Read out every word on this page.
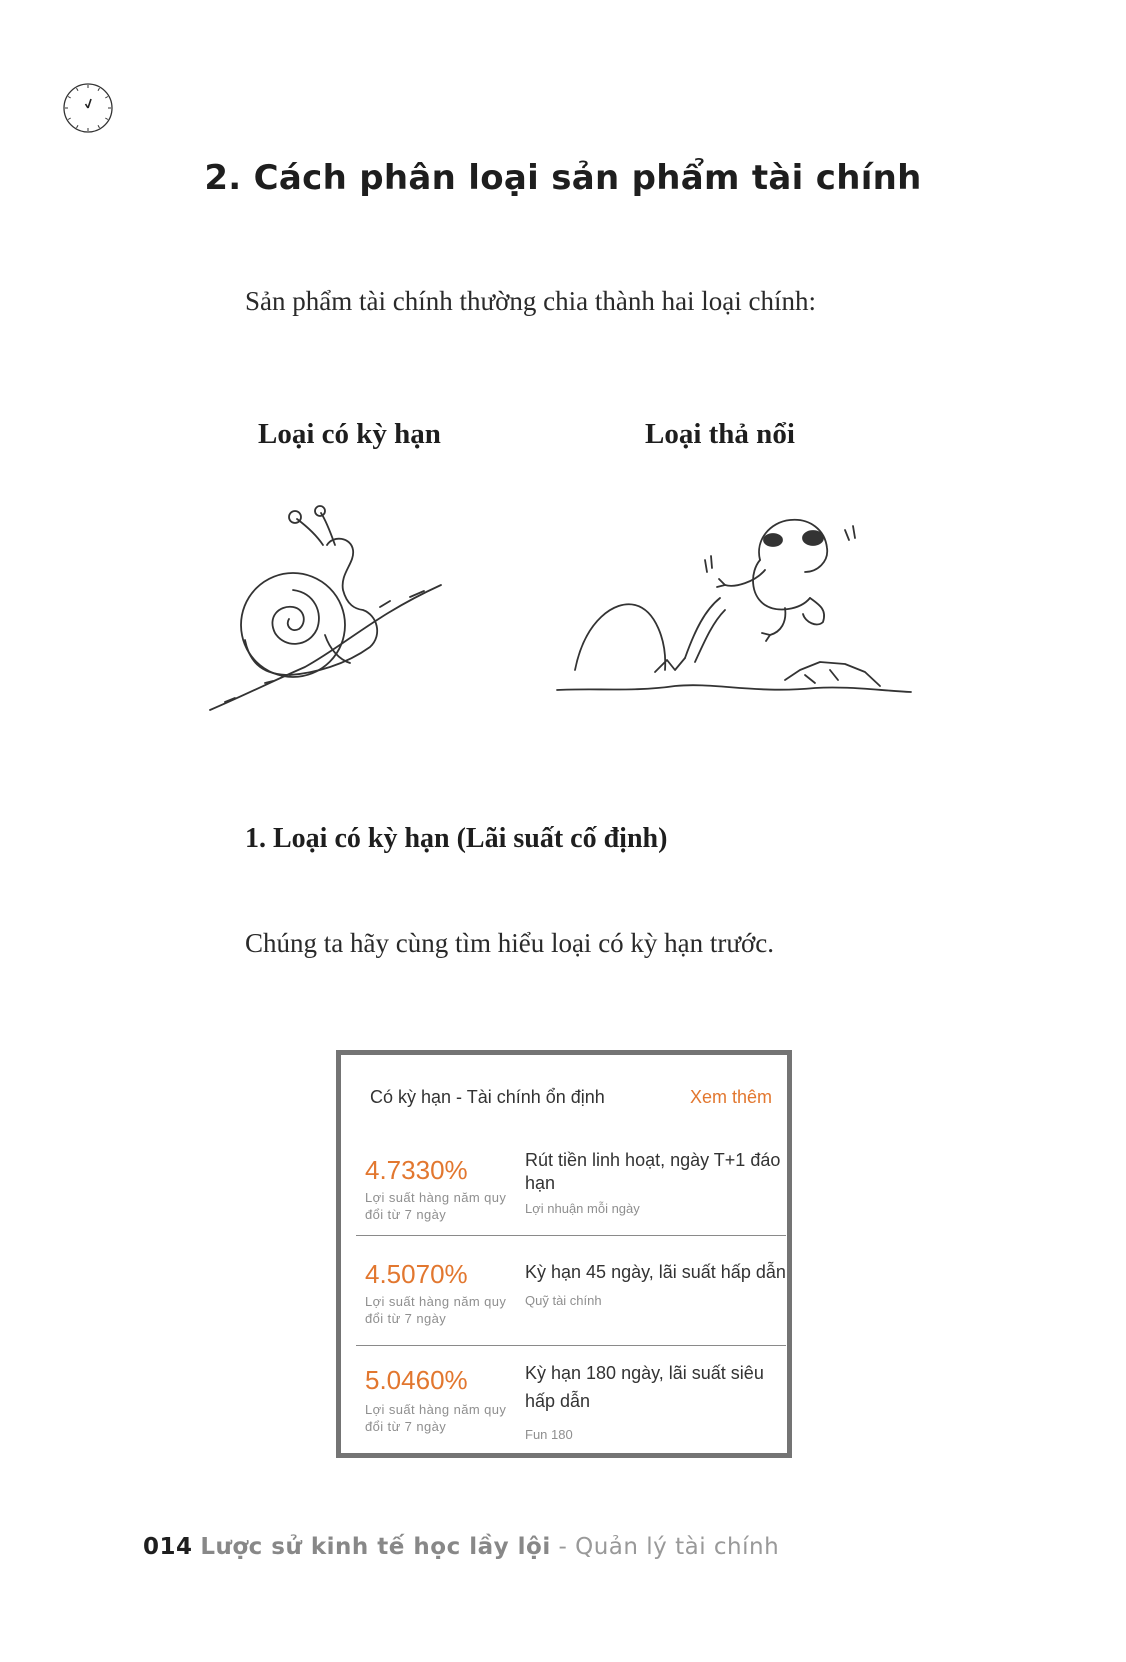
2. Cách phân loại sản phẩm tài chính
Sản phẩm tài chính thường chia thành hai loại chính:
Loại có kỳ hạn	Loại thả nổi
1. Loại có kỳ hạn (Lãi suất cố định)
Chúng ta hãy cùng tìm hiểu loại có kỳ hạn trước.
Có kỳ hạn - Tài chính ổn định	Xem thêm
4.7330%
Lợi suất hàng năm quy đổi từ 7 ngày
Rút tiền linh hoạt, ngày T+1 đáo hạn
Lợi nhuận mỗi ngày
4.5070%
Lợi suất hàng năm quy đổi từ 7 ngày
Kỳ hạn 45 ngày, lãi suất hấp dẫn
Quỹ tài chính
5.0460%
Lợi suất hàng năm quy đổi từ 7 ngày
Kỳ hạn 180 ngày, lãi suất siêu hấp dẫn
Fun 180
014 Lược sử kinh tế học lầy lội - Quản lý tài chính
